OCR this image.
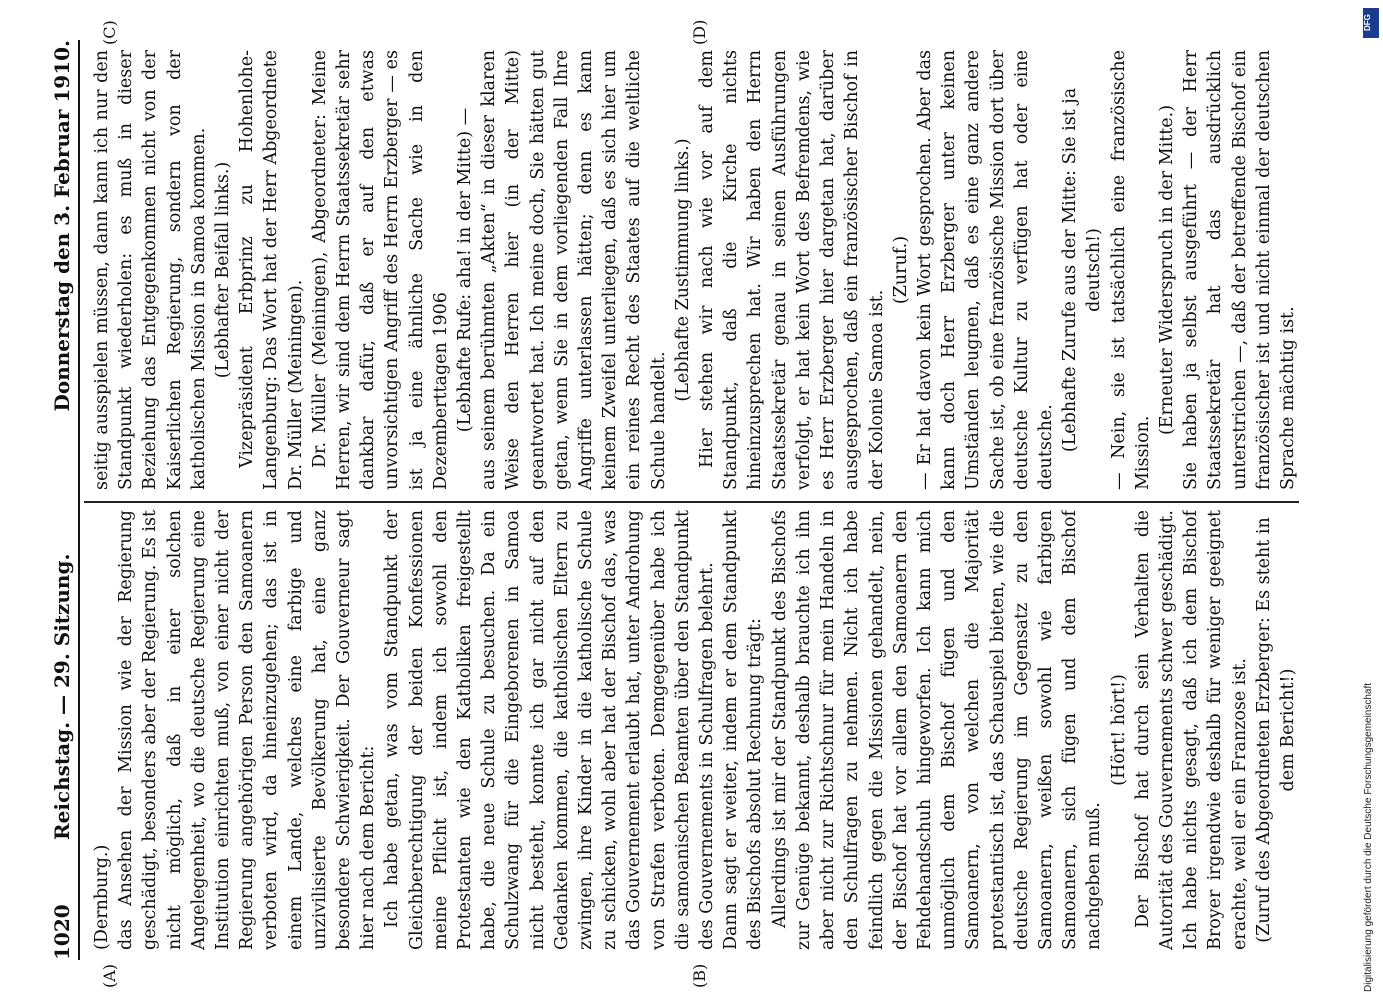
1020
Reichstag. — 29. Sitzung.
Donnerstag den 3. Februar 1910.
(A)	(B)
(C)	(D)

(Dernburg.) das Ansehen der Mission wie der Regierung geschädigt, besonders aber der Regierung. Es ist nicht möglich, daß in einer solchen Angelegenheit, wo die deutsche Regierung eine Institution einrichten muß, von einer nicht der Regierung angehörigen Person den Samoanern verboten wird, da hineinzugehen; das ist in einem Lande, welches eine farbige und unzivilisierte Bevölkerung hat, eine ganz besondere Schwierigkeit. Der Gouverneur sagt hier nach dem Bericht: Ich habe getan, was vom Standpunkt der Gleichberechtigung der beiden Konfessionen meine Pflicht ist, indem ich sowohl den Protestanten wie den Katholiken freigestellt habe, die neue Schule zu besuchen. Da ein Schulzwang für die Eingeborenen in Samoa nicht besteht, konnte ich gar nicht auf den Gedanken kommen, die katholischen Eltern zu zwingen, ihre Kinder in die katholische Schule zu schicken, wohl aber hat der Bischof das, was das Gouvernement erlaubt hat, unter Androhung von Strafen verboten. Demgegenüber habe ich die samoanischen Beamten über den Standpunkt des Gouvernements in Schulfragen belehrt. Dann sagt er weiter, indem er dem Standpunkt des Bischofs absolut Rechnung trägt: Allerdings ist mir der Standpunkt des Bischofs zur Genüge bekannt, deshalb brauchte ich ihn aber nicht zur Richtschnur für mein Handeln in den Schulfragen zu nehmen. Nicht ich habe feindlich gegen die Missionen gehandelt, nein, der Bischof hat vor allem den Samoanern den Fehdehandschuh hingeworfen. Ich kann mich unmöglich dem Bischof fügen und den Samoanern, von welchen die Majorität protestantisch ist, das Schauspiel bieten, wie die deutsche Regierung im Gegensatz zu den Samoanern, weißen sowohl wie farbigen Samoanern, sich fügen und dem Bischof nachgeben muß.

(Hört! hört!) Der Bischof hat durch sein Verhalten die Autorität des Gouvernements schwer geschädigt. Ich habe nichts gesagt, daß ich dem Bischof Broyer irgendwie deshalb für weniger geeignet erachte, weil er ein Franzose ist. (Zuruf des Abgeordneten Erzberger: Es steht in dem Bericht!)

seitig ausspielen müssen, dann kann ich nur den Standpunkt wiederholen: es muß in dieser Beziehung das Entgegenkommen nicht von der Kaiserlichen Regierung, sondern von der katholischen Mission in Samoa kommen. (Lebhafter Beifall links.) Vizepräsident Erbprinz zu Hohenlohe-Langenburg: Das Wort hat der Herr Abgeordnete Dr. Müller (Meiningen). Dr. Müller (Meiningen), Abgeordneter: Meine Herren, wir sind dem Herrn Staatssekretär sehr dankbar dafür, daß er auf den etwas unvorsichtigen Angriff des Herrn Erzberger — es ist ja eine ähnliche Sache wie in den Dezemberttagen 1906 (Lebhafte Rufe: aha! in der Mitte) — aus seinem berühmten „Akten“ in dieser klaren Weise den Herren hier (in der Mitte) geantwortet hat. Ich meine doch, Sie hätten gut getan, wenn Sie in dem vorliegenden Fall Ihre Angriffe unterlassen hätten; denn es kann keinem Zweifel unterliegen, daß es sich hier um ein reines Recht des Staates auf die weltliche Schule handelt.

(Lebhafte Zustimmung links.) Hier stehen wir nach wie vor auf dem Standpunkt, daß die Kirche nichts hineinzusprechen hat. Wir haben den Herrn Staatssekretär genau in seinen Ausführungen verfolgt, er hat kein Wort des Befremdens, wie es Herr Erzberger hier dargetan hat, darüber ausgesprochen, daß ein französischer Bischof in der Kolonie Samoa ist.

(Zuruf.) — Er hat davon kein Wort gesprochen. Aber das kann doch Herr Erzberger unter keinen Umständen leugnen, daß es eine ganz andere Sache ist, ob eine französische Mission dort über deutsche Kultur zu verfügen hat oder eine deutsche. (Lebhafte Zurufe aus der Mitte: Sie ist ja deutsch!) — Nein, sie ist tatsächlich eine französische Mission.

(Erneuter Widerspruch in der Mitte.) Sie haben ja selbst ausgeführt — der Herr Staatssekretär hat das ausdrücklich unterstrichen —, daß der betreffende Bischof ein französischer ist und nicht einmal der deutschen Sprache mächtig ist.

Digitalisierung gefördert durch die Deutsche Forschungsgemeinschaft
DFG
